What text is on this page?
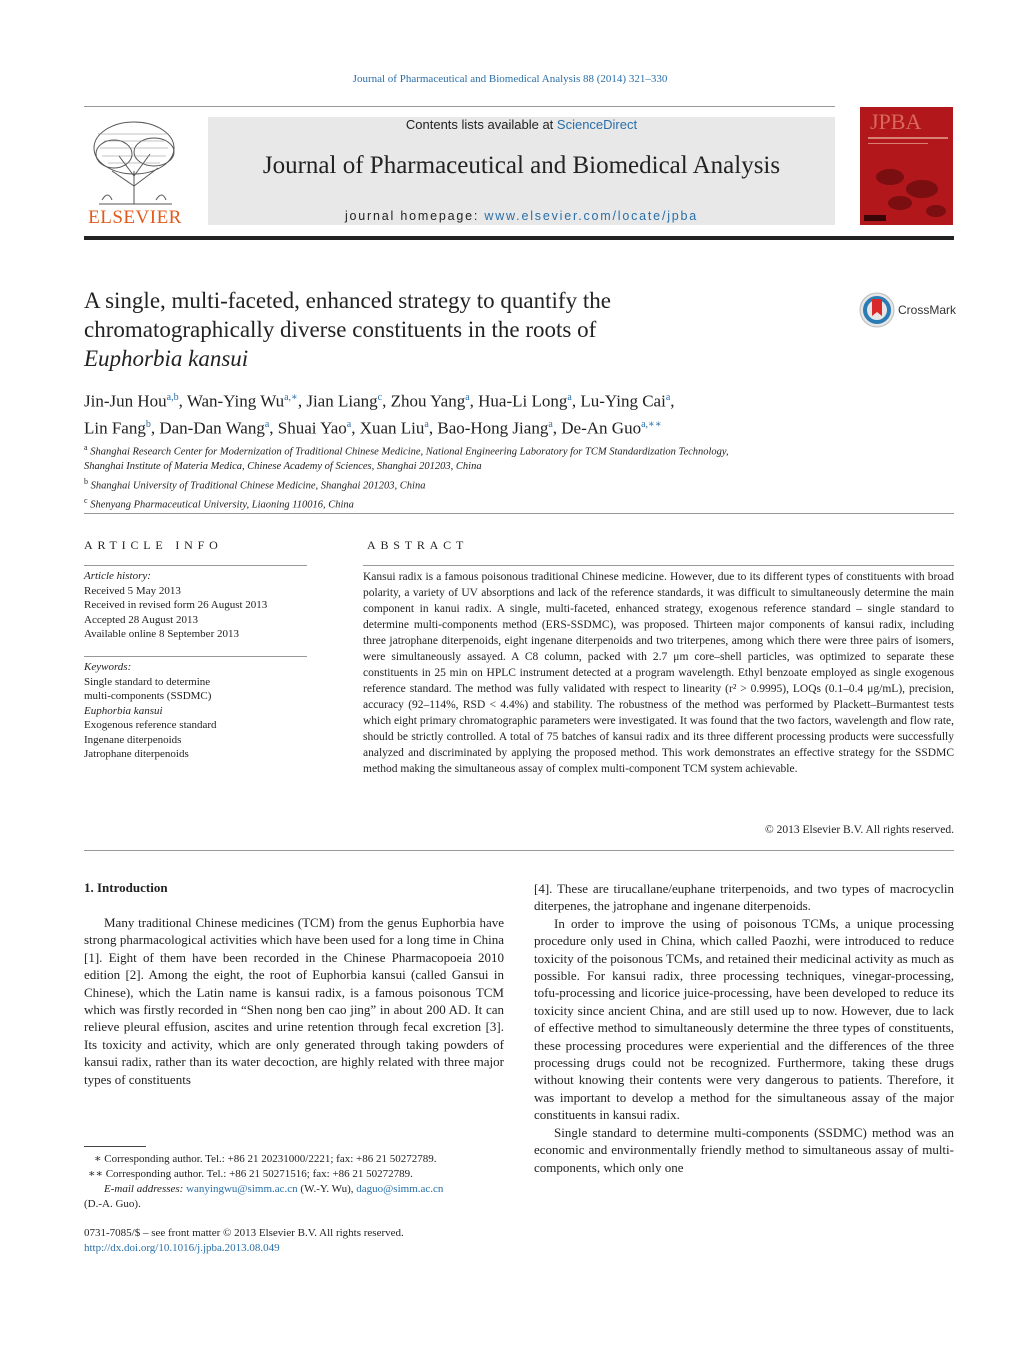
Journal of Pharmaceutical and Biomedical Analysis 88 (2014) 321–330
ELSEVIER
Contents lists available at ScienceDirect
Journal of Pharmaceutical and Biomedical Analysis
journal homepage: www.elsevier.com/locate/jpba
JPBA
A single, multi-faceted, enhanced strategy to quantify the
chromatographically diverse constituents in the roots of
Euphorbia kansui
CrossMark
Jin-Jun Hou$^{a,b}$, Wan-Ying $Wu^{a,∗}$, Jian Liang$^c$, Zhou Yang$^a$, Hua-Li Long$^a$, Lu-Ying Cai$^a$,
Lin Fang$^b$, Dan-Dan Wang$^a$, Shuai Yao$^a$, Xuan Liu$^a$, Bao-Hong Jiang$^a$, De-An Guo$^{a,∗∗}$
$^a$ Shanghai Research Center for Modernization of Traditional Chinese Medicine, National Engineering Laboratory for TCM Standardization Technology,
Shanghai Institute of Materia Medica, Chinese Academy of Sciences, Shanghai 201203, China
$^b$ Shanghai University of Traditional Chinese Medicine, Shanghai 201203, China
$^c$ Shenyang Pharmaceutical University, Liaoning 110016, China
ARTICLE INFO	ABSTRACT
Article history:
Received 5 May 2013
Received in revised form 26 August 2013
Accepted 28 August 2013
Available online 8 September 2013
Keywords:
Single standard to determine
multi-components (SSDMC)
Euphorbia kansui
Exogenous reference standard
Ingenane diterpenoids
Jatrophane diterpenoids
Kansui radix is a famous poisonous traditional Chinese medicine. However, due to its different types of constituents with broad polarity, a variety of UV absorptions and lack of the reference standards, it was difficult to simultaneously determine the main component in kanui radix. A single, multi-faceted, enhanced strategy, exogenous reference standard – single standard to determine multi-components method (ERS-SSDMC), was proposed. Thirteen major components of kansui radix, including three jatrophane diterpenoids, eight ingenane diterpenoids and two triterpenes, among which there were three pairs of isomers, were simultaneously assayed. A C8 column, packed with 2.7 μm core–shell particles, was optimized to separate these constituents in 25 min on HPLC instrument detected at a program wavelength. Ethyl benzoate employed as single exogenous reference standard. The method was fully validated with respect to linearity (r² > 0.9995), LOQs (0.1–0.4 μg/mL), precision, accuracy (92–114%, RSD < 4.4%) and stability. The robustness of the method was performed by Plackett–Burmantest tests which eight primary chromatographic parameters were investigated. It was found that the two factors, wavelength and flow rate, should be strictly controlled. A total of 75 batches of kansui radix and its three different processing products were successfully analyzed and discriminated by applying the proposed method. This work demonstrates an effective strategy for the SSDMC method making the simultaneous assay of complex multi-component TCM system achievable.
© 2013 Elsevier B.V. All rights reserved.
1. Introduction

Many traditional Chinese medicines (TCM) from the genus Euphorbia have strong pharmacological activities which have been used for a long time in China [1]. Eight of them have been recorded in the Chinese Pharmacopoeia 2010 edition [2]. Among the eight, the root of Euphorbia kansui (called Gansui in Chinese), which the Latin name is kansui radix, is a famous poisonous TCM which was firstly recorded in “Shen nong ben cao jing” in about 200 AD. It can relieve pleural effusion, ascites and urine retention through fecal excretion [3]. Its toxicity and activity, which are only generated through taking powders of kansui radix, rather than its water decoction, are highly related with three major types of constituents

[4]. These are tirucallane/euphane triterpenoids, and two types of macrocyclin diterpenes, the jatrophane and ingenane diterpenoids.

In order to improve the using of poisonous TCMs, a unique processing procedure only used in China, which called Paozhi, were introduced to reduce toxicity of the poisonous TCMs, and retained their medicinal activity as much as possible. For kansui radix, three processing techniques, vinegar-processing, tofu-processing and licorice juice-processing, have been developed to reduce its toxicity since ancient China, and are still used up to now. However, due to lack of effective method to simultaneously determine the three types of constituents, these processing procedures were experiential and the differences of the three processing drugs could not be recognized. Furthermore, taking these drugs without knowing their contents were very dangerous to patients. Therefore, it was important to develop a method for the simultaneous assay of the major constituents in kansui radix.

Single standard to determine multi-components (SSDMC) method was an economic and environmentally friendly method to simultaneous assay of multi-components, which only one

∗ Corresponding author. Tel.: +86 21 20231000/2221; fax: +86 21 50272789.
∗∗ Corresponding author. Tel.: +86 21 50271516; fax: +86 21 50272789.
E-mail addresses: wanyingwu@simm.ac.cn (W.-Y. Wu), daguo@simm.ac.cn
(D.-A. Guo).
0731-7085/$ – see front matter © 2013 Elsevier B.V. All rights reserved.
http://dx.doi.org/10.1016/j.jpba.2013.08.049
